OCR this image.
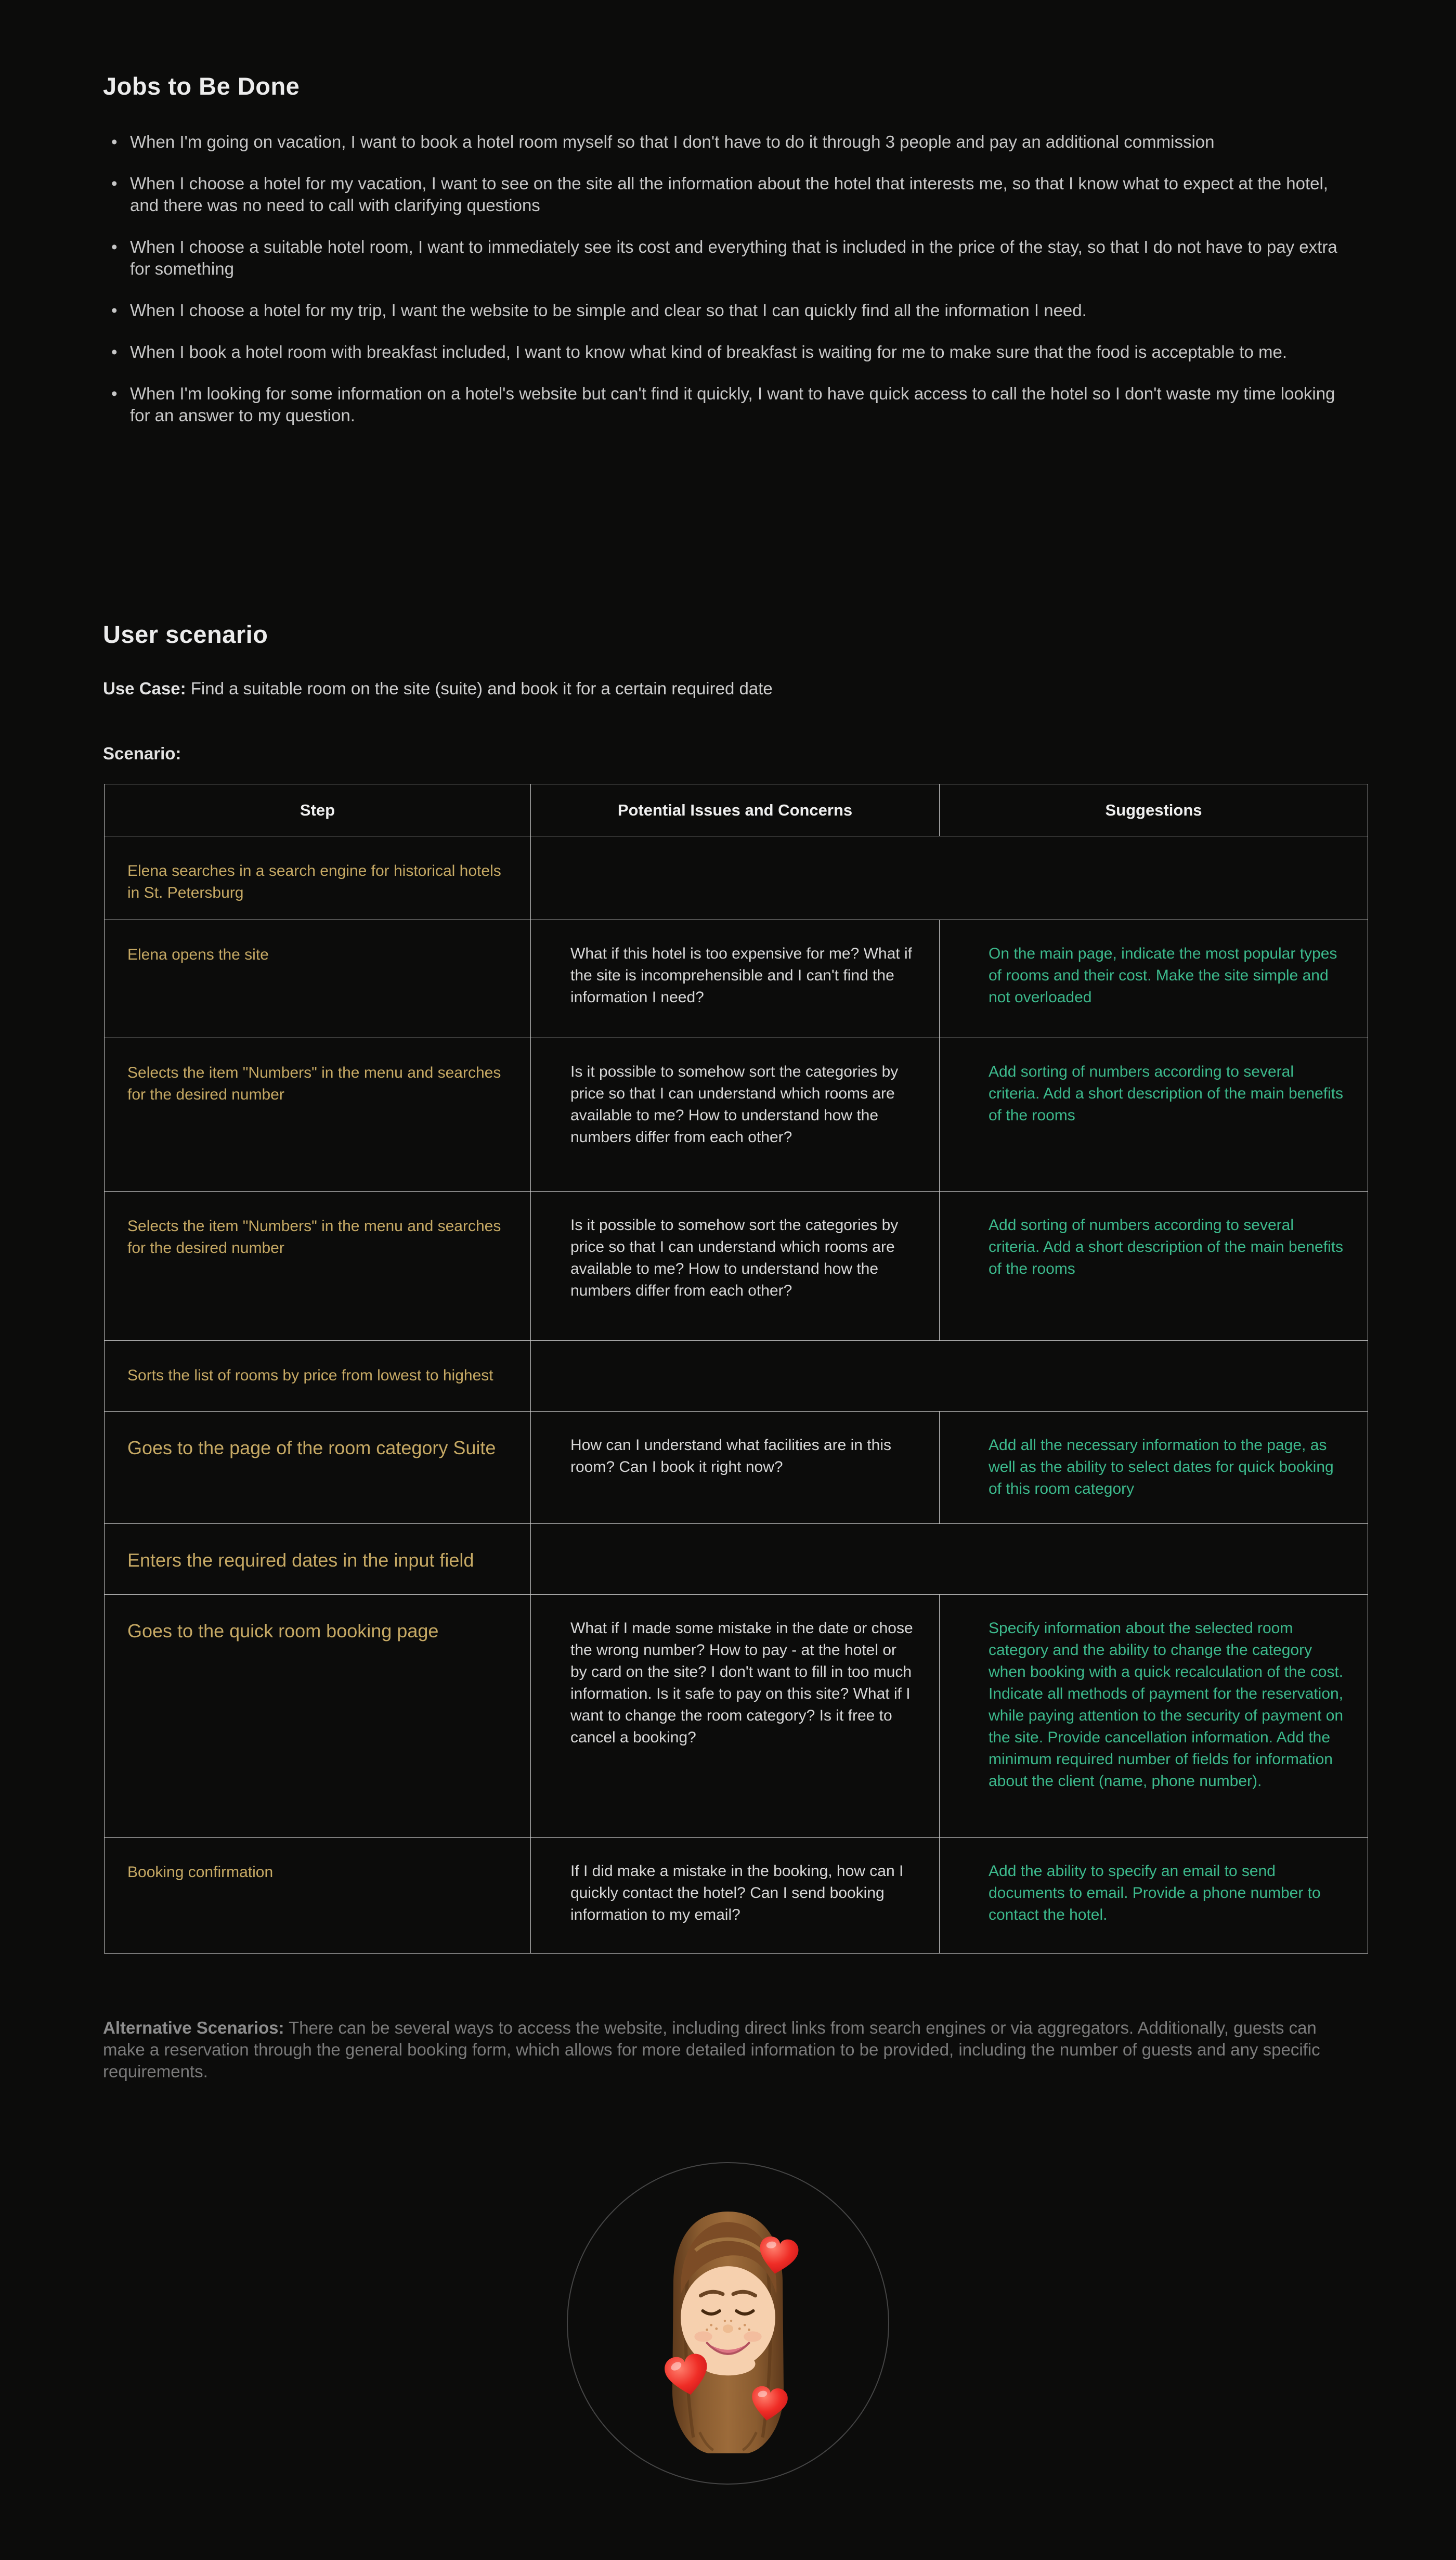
Jobs to Be Done
• When I'm going on vacation, I want to book a hotel room myself so that I don't have to do it through 3 people and pay an additional commission
• When I choose a hotel for my vacation, I want to see on the site all the information about the hotel that interests me, so that I know what to expect at the hotel, and there was no need to call with clarifying questions
• When I choose a suitable hotel room, I want to immediately see its cost and everything that is included in the price of the stay, so that I do not have to pay extra for something
• When I choose a hotel for my trip, I want the website to be simple and clear so that I can quickly find all the information I need.
• When I book a hotel room with breakfast included, I want to know what kind of breakfast is waiting for me to make sure that the food is acceptable to me.
• When I'm looking for some information on a hotel's website but can't find it quickly, I want to have quick access to call the hotel so I don't waste my time looking for an answer to my question.
User scenario
Use Case: Find a suitable room on the site (suite) and book it for a certain required date
Scenario:
Step	Potential Issues and Concerns	Suggestions
Elena searches in a search engine for historical hotels in St. Petersburg		
Elena opens the site	What if this hotel is too expensive for me? What if the site is incomprehensible and I can't find the information I need?	On the main page, indicate the most popular types of rooms and their cost. Make the site simple and not overloaded
Selects the item "Numbers" in the menu and searches for the desired number	Is it possible to somehow sort the categories by price so that I can understand which rooms are available to me? How to understand how the numbers differ from each other?	Add sorting of numbers according to several criteria. Add a short description of the main benefits of the rooms
Selects the item "Numbers" in the menu and searches for the desired number	Is it possible to somehow sort the categories by price so that I can understand which rooms are available to me? How to understand how the numbers differ from each other?	Add sorting of numbers according to several criteria. Add a short description of the main benefits of the rooms
Sorts the list of rooms by price from lowest to highest		
Goes to the page of the room category Suite	How can I understand what facilities are in this room? Can I book it right now?	Add all the necessary information to the page, as well as the ability to select dates for quick booking of this room category
Enters the required dates in the input field		
Goes to the quick room booking page	What if I made some mistake in the date or chose the wrong number? How to pay - at the hotel or by card on the site? I don't want to fill in too much information. Is it safe to pay on this site? What if I want to change the room category? Is it free to cancel a booking?	Specify information about the selected room category and the ability to change the category when booking with a quick recalculation of the cost. Indicate all methods of payment for the reservation, while paying attention to the security of payment on the site. Provide cancellation information. Add the minimum required number of fields for information about the client (name, phone number).
Booking confirmation	If I did make a mistake in the booking, how can I quickly contact the hotel? Can I send booking information to my email?	Add the ability to specify an email to send documents to email. Provide a phone number to contact the hotel.
Alternative Scenarios: There can be several ways to access the website, including direct links from search engines or via aggregators. Additionally, guests can make a reservation through the general booking form, which allows for more detailed information to be provided, including the number of guests and any specific requirements.
